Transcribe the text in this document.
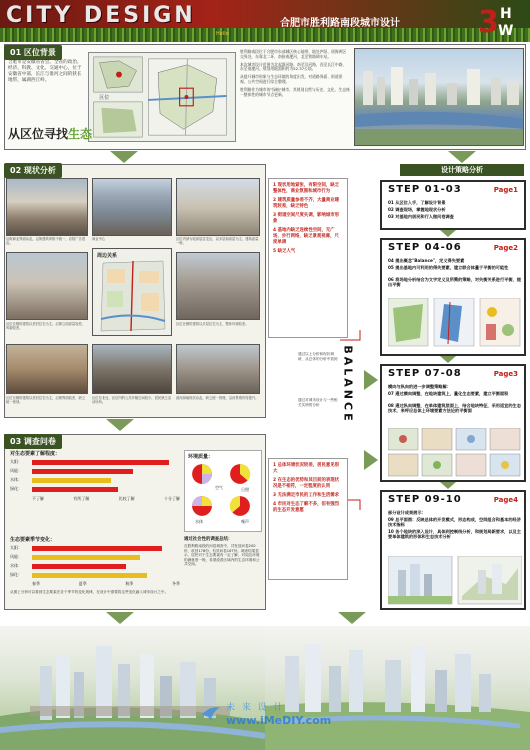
CITY DESIGN
Hello
合肥市胜利路南段城市设计	3 H
W
01 区位背景
合肥市是安徽省省会。全省的政治、经济、科教、文化、交通中心，位于安徽省中部，长江与淮河之间的狭长地带，属湖西丘岭。
区位
从区位寻找生态

胜利路南段位于合肥市东部城区核心地带，地处庐阳、瑶海两区交界处，东靠北二环，南接南淝河，北至铁路调车站。

本次城市设计范围为北起淮河路、南至沿河路，西至长江中路，东至南淝河。规划用地面积约为52.37公顷。

从提升城市形象与生态环境的角度出发，对道路界面、街道景观、公共空间进行综合整理。

胜利路作为城市的"绿轴"城市，其规划自然与历史、文化、生态统一整体性的城市节点更新。

02 现状分析
沿街商业界面杂乱，沿街建筑风格不统一，店招广告混乱。
商业中心	区位内部为较高层住宅区，以多层和高层为主，建筑质量一般。
周边关系
区位北侧的建筑以老旧住宅为主，沿街立面质量较差，风貌较差。
区位北侧的建筑以多层住宅为主，整体环境较差。
区位北侧的建筑以老旧住宅为主，沿街界面较差，缺乏统一规划。
区位东北处，区位内的公共开敞空间较少，居民缺乏活动场所。
滨河绿地现状杂乱，缺乏统一管理，沿河景观有待提升。

1 现状用地紧张，有限空间，缺乏整体性，商业氛围和城市行为

2 建筑质量参差不齐，大量商业建筑较差，缺乏特色

3 街道空间尺度失调，影响城市形象

4 基地内缺乏连续性空间，无广场，步行网络，缺乏景观视廊，尺度单调

5 缺乏人气

通过以上分析和现状调研，从总体的分析中看到
通过对城市设计与一些相关实例的分析	BALANCE
03 调查问卷
对生态要素了解程度：
太阳：
风能：
水体：
绿化：
不了解	有所了解	比较了解	十分了解
环境质量：
空气	日照
水体	噪声
生态要素季节变化：
太阳：
风能：
水体：
绿化：
春季	夏季	秋季	冬季
从图上分析可以看到生态要素在各个季节的变化规律，在设计中需要将这些变化融入城市设计之中。
通过社会性的调查总结：
在胜利路南段的问卷调查中，共发放问卷200份，收回178份，有效问卷167份。调查结果显示，居民对于生态要素有一定了解，对周边环境的满意度一般，希望改善区域内的生态环境和公共空间。

1 总体环境状况较差，居民意见很大

2 在生态的优势和其目前的表现状况是不相符，一定程度的认同

3 无法满足市民的工作和生活需求

4 市民对生态了解不多，但有强烈的生态开发意愿

设计策略分析
STEP 01-03	Page1
01 从区位入手，了解设计背景
02 调查现场，掌握地现状分析
03 对基地内居民和行人做问卷调查
STEP 04-06	Page2
04 提出概念"Balance"，定义得失要素
05 提出基地内可利用的得失要素，建立联合体量于平衡的可能性
06 将场地分析结合为文字定义及所需的策略，对失衡关系进行平衡，提出平衡
STEP 07-08	Page3
横向与纵向的进一步调整策略解：
07 通过横向调整，在地块建筑上，量化生态要素，建立平衡面积
08 通过纵向调整，在单体建筑层面上，结合地块特征，采用适宜的生态技术，来呼应总体上环境要素方法论的平衡面
STEP 09-10	Page4
部分设计成果展示：
09 总平面图：反映总体的开发模式，形态构成，空间组合和基本的经济技术指标
10 各个地块的深入设计，具体到控制线分析，和规划局新要求，以及主要单体建筑的形体和生态技术分析
未 来 设 计
www.iMeDIY.com
